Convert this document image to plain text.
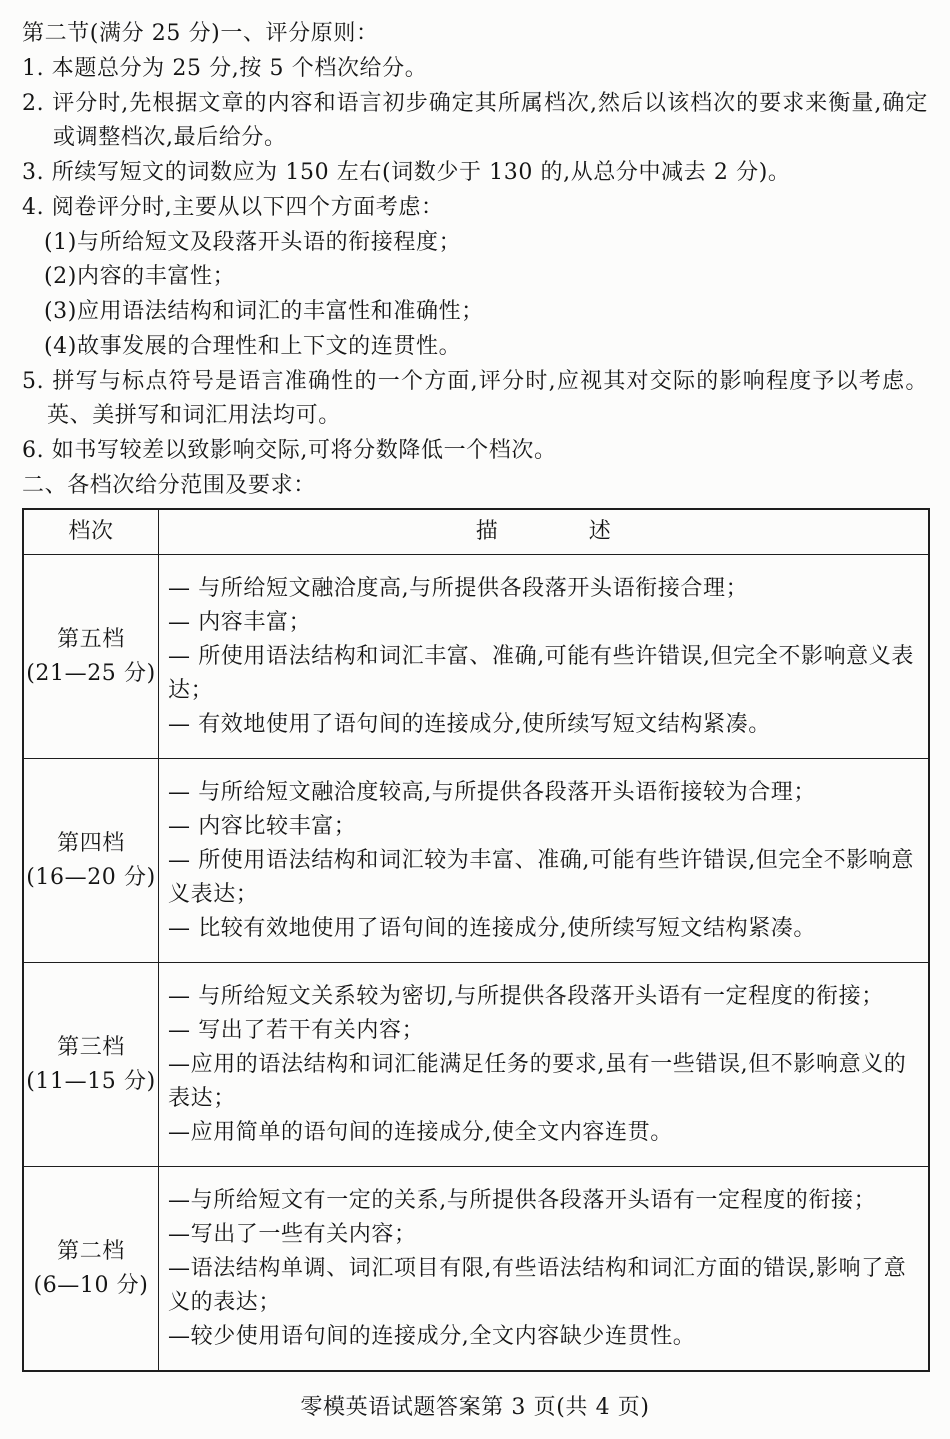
第二节(满分 25 分)一、评分原则：
1. 本题总分为 25 分,按 5 个档次给分。
2. 评分时,先根据文章的内容和语言初步确定其所属档次,然后以该档次的要求来衡量,确定
或调整档次,最后给分。
3. 所续写短文的词数应为 150 左右(词数少于 130 的,从总分中减去 2 分)。
4. 阅卷评分时,主要从以下四个方面考虑：
(1)与所给短文及段落开头语的衔接程度；
(2)内容的丰富性；
(3)应用语法结构和词汇的丰富性和准确性；
(4)故事发展的合理性和上下文的连贯性。
5. 拼写与标点符号是语言准确性的一个方面,评分时,应视其对交际的影响程度予以考虑。
英、美拼写和词汇用法均可。
6. 如书写较差以致影响交际,可将分数降低一个档次。
二、各档次给分范围及要求：
档次	描　　　　述
第五档
(21—25 分)
— 与所给短文融洽度高,与所提供各段落开头语衔接合理；
— 内容丰富；
— 所使用语法结构和词汇丰富、准确,可能有些许错误,但完全不影响意义表
达；
— 有效地使用了语句间的连接成分,使所续写短文结构紧凑。
第四档
(16—20 分)
— 与所给短文融洽度较高,与所提供各段落开头语衔接较为合理；
— 内容比较丰富；
— 所使用语法结构和词汇较为丰富、准确,可能有些许错误,但完全不影响意
义表达；
— 比较有效地使用了语句间的连接成分,使所续写短文结构紧凑。
第三档
(11—15 分)
— 与所给短文关系较为密切,与所提供各段落开头语有一定程度的衔接；
— 写出了若干有关内容；
—应用的语法结构和词汇能满足任务的要求,虽有一些错误,但不影响意义的
表达；
—应用简单的语句间的连接成分,使全文内容连贯。
第二档
(6—10 分)
—与所给短文有一定的关系,与所提供各段落开头语有一定程度的衔接；
—写出了一些有关内容；
—语法结构单调、词汇项目有限,有些语法结构和词汇方面的错误,影响了意
义的表达；
—较少使用语句间的连接成分,全文内容缺少连贯性。
零模英语试题答案第 3 页(共 4 页)
